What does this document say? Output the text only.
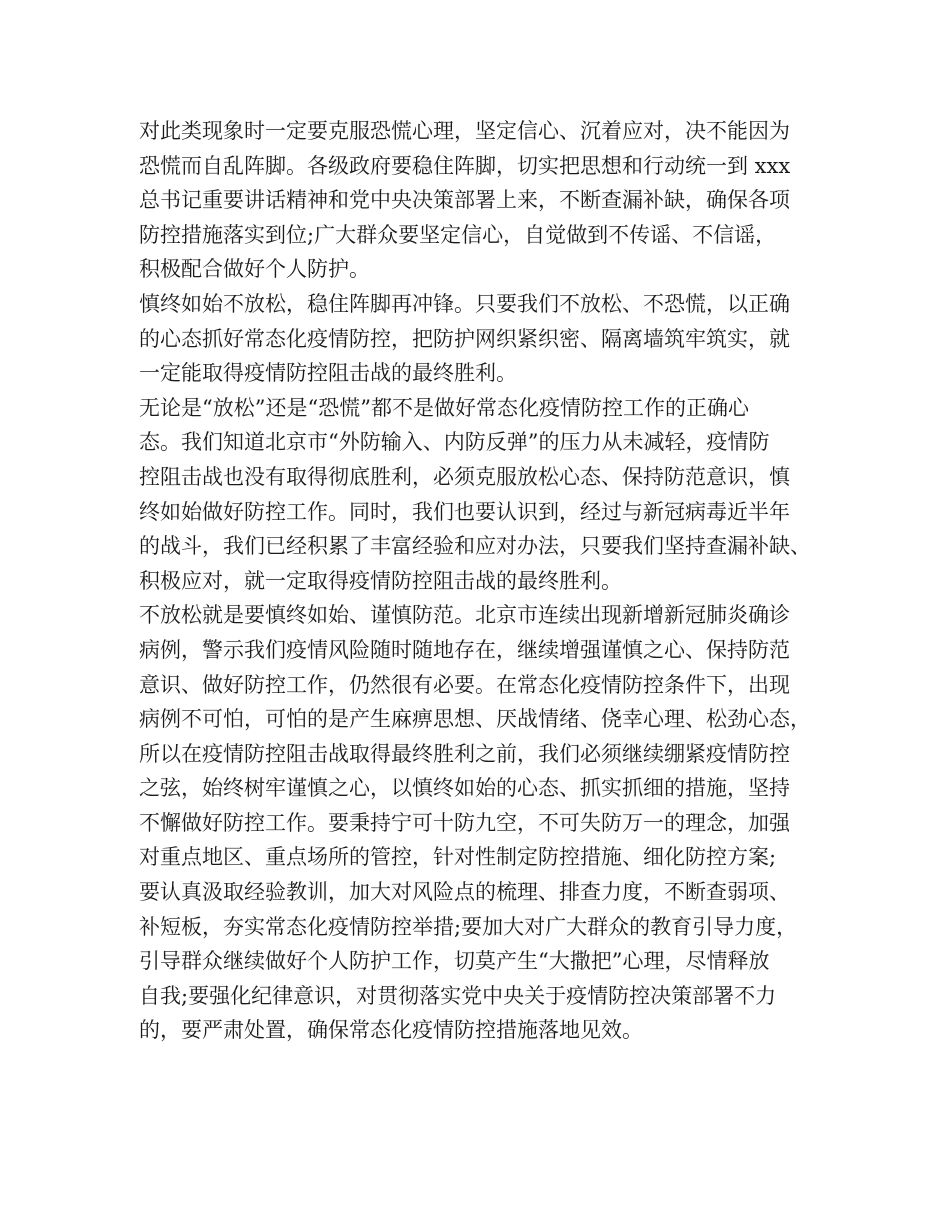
对此类现象时一定要克服恐慌心理，坚定信心、沉着应对，决不能因为
恐慌而自乱阵脚。各级政府要稳住阵脚，切实把思想和行动统一到 xxx
总书记重要讲话精神和党中央决策部署上来，不断查漏补缺，确保各项
防控措施落实到位;广大群众要坚定信心，自觉做到不传谣、不信谣，
积极配合做好个人防护。

慎终如始不放松，稳住阵脚再冲锋。只要我们不放松、不恐慌，以正确
的心态抓好常态化疫情防控，把防护网织紧织密、隔离墙筑牢筑实，就
一定能取得疫情防控阻击战的最终胜利。

无论是“放松”还是“恐慌”都不是做好常态化疫情防控工作的正确心
态。我们知道北京市“外防输入、内防反弹”的压力从未减轻，疫情防
控阻击战也没有取得彻底胜利，必须克服放松心态、保持防范意识，慎
终如始做好防控工作。同时，我们也要认识到，经过与新冠病毒近半年
的战斗，我们已经积累了丰富经验和应对办法，只要我们坚持查漏补缺、
积极应对，就一定取得疫情防控阻击战的最终胜利。

不放松就是要慎终如始、谨慎防范。北京市连续出现新增新冠肺炎确诊
病例，警示我们疫情风险随时随地存在，继续增强谨慎之心、保持防范
意识、做好防控工作，仍然很有必要。在常态化疫情防控条件下，出现
病例不可怕，可怕的是产生麻痹思想、厌战情绪、侥幸心理、松劲心态，
所以在疫情防控阻击战取得最终胜利之前，我们必须继续绷紧疫情防控
之弦，始终树牢谨慎之心，以慎终如始的心态、抓实抓细的措施，坚持
不懈做好防控工作。要秉持宁可十防九空，不可失防万一的理念，加强
对重点地区、重点场所的管控，针对性制定防控措施、细化防控方案;
要认真汲取经验教训，加大对风险点的梳理、排查力度，不断查弱项、
补短板，夯实常态化疫情防控举措;要加大对广大群众的教育引导力度，
引导群众继续做好个人防护工作，切莫产生“大撒把”心理，尽情释放
自我;要强化纪律意识，对贯彻落实党中央关于疫情防控决策部署不力
的，要严肃处置，确保常态化疫情防控措施落地见效。
